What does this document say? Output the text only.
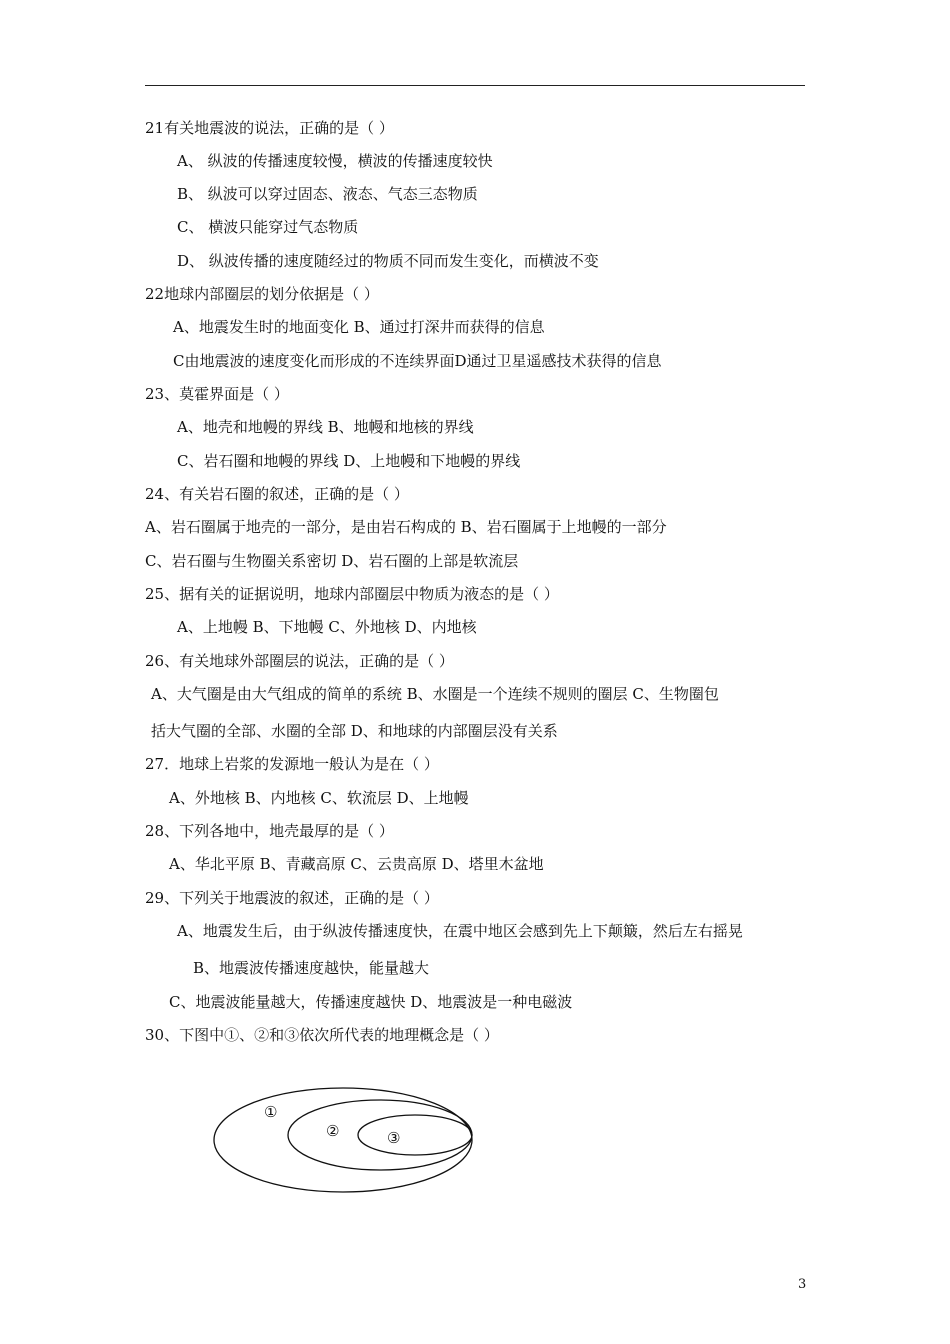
21有关地震波的说法，正确的是（ ）
A、 纵波的传播速度较慢，横波的传播速度较快
B、 纵波可以穿过固态、液态、气态三态物质
C、 横波只能穿过气态物质
D、 纵波传播的速度随经过的物质不同而发生变化，而横波不变
22地球内部圈层的划分依据是（ ）
A、地震发生时的地面变化 B、通过打深井而获得的信息
C由地震波的速度变化而形成的不连续界面D通过卫星遥感技术获得的信息
23、莫霍界面是（ ）
A、地壳和地幔的界线 B、地幔和地核的界线
C、岩石圈和地幔的界线 D、上地幔和下地幔的界线
24、有关岩石圈的叙述，正确的是（ ）
A、岩石圈属于地壳的一部分，是由岩石构成的 B、岩石圈属于上地幔的一部分
C、岩石圈与生物圈关系密切 D、岩石圈的上部是软流层
25、据有关的证据说明，地球内部圈层中物质为液态的是（ ）
A、上地幔 B、下地幔 C、外地核 D、内地核
26、有关地球外部圈层的说法，正确的是（ ）
A、大气圈是由大气组成的简单的系统 B、水圈是一个连续不规则的圈层 C、生物圈包
括大气圈的全部、水圈的全部 D、和地球的内部圈层没有关系
27．地球上岩浆的发源地一般认为是在（ ）
A、外地核 B、内地核 C、软流层 D、上地幔
28、下列各地中，地壳最厚的是（ ）
A、华北平原 B、青藏高原 C、云贵高原 D、塔里木盆地
29、下列关于地震波的叙述，正确的是（ ）
A、地震发生后，由于纵波传播速度快，在震中地区会感到先上下颠簸，然后左右摇晃
B、地震波传播速度越快，能量越大
C、地震波能量越大，传播速度越快 D、地震波是一种电磁波
30、下图中①、②和③依次所代表的地理概念是（ ）
①
②	③
3
